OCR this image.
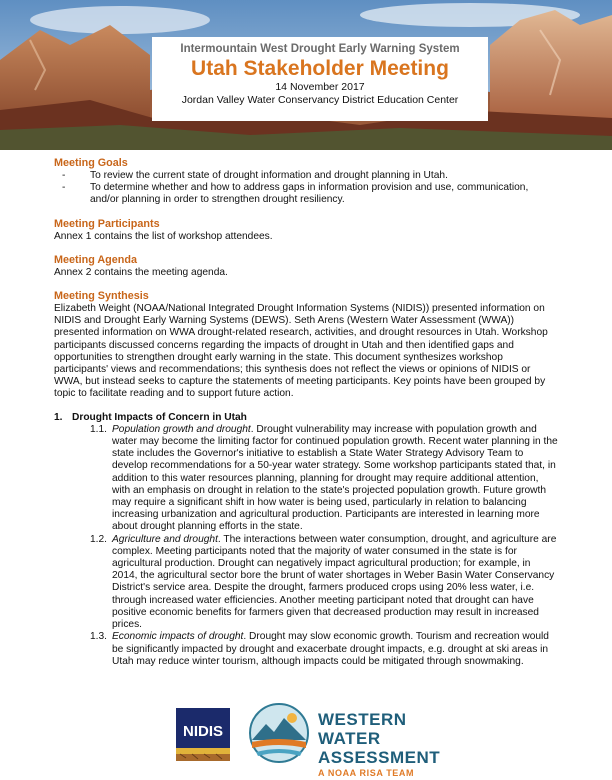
Intermountain West Drought Early Warning System
Utah Stakeholder Meeting
14 November 2017
Jordan Valley Water Conservancy District Education Center

Meeting Goals

- To review the current state of drought information and drought planning in Utah.
- To determine whether and how to address gaps in information provision and use, communication, and/or planning in order to strengthen drought resiliency.

Meeting Participants

Annex 1 contains the list of workshop attendees.

Meeting Agenda

Annex 2 contains the meeting agenda.

Meeting Synthesis

Elizabeth Weight (NOAA/National Integrated Drought Information Systems (NIDIS)) presented information on NIDIS and Drought Early Warning Systems (DEWS). Seth Arens (Western Water Assessment (WWA)) presented information on WWA drought-related research, activities, and drought resources in Utah. Workshop participants discussed concerns regarding the impacts of drought in Utah and then identified gaps and opportunities to strengthen drought early warning in the state. This document synthesizes workshop participants' views and recommendations; this synthesis does not reflect the views or opinions of NIDIS or WWA, but instead seeks to capture the statements of meeting participants. Key points have been grouped by topic to facilitate reading and to support future action.

1. Drought Impacts of Concern in Utah
1.1. Population growth and drought. Drought vulnerability may increase with population growth and water may become the limiting factor for continued population growth. Recent water planning in the state includes the Governor's initiative to establish a State Water Strategy Advisory Team to develop recommendations for a 50-year water strategy. Some workshop participants stated that, in addition to this water resources planning, planning for drought may require additional attention, with an emphasis on drought in relation to the state's projected population growth. Future growth may require a significant shift in how water is being used, particularly in relation to balancing increasing urbanization and agricultural production. Participants are interested in learning more about drought planning efforts in the state.
1.2. Agriculture and drought. The interactions between water consumption, drought, and agriculture are complex. Meeting participants noted that the majority of water consumed in the state is for agricultural production. Drought can negatively impact agricultural production; for example, in 2014, the agricultural sector bore the brunt of water shortages in Weber Basin Water Conservancy District's service area. Despite the drought, farmers produced crops using 20% less water, i.e. through increased water efficiencies. Another meeting participant noted that drought can have positive economic benefits for farmers given that decreased production may result in increased prices.
1.3. Economic impacts of drought. Drought may slow economic growth. Tourism and recreation would be significantly impacted by drought and exacerbate drought impacts, e.g. drought at ski areas in Utah may reduce winter tourism, although impacts could be mitigated through snowmaking.
NIDIS
WESTERN WATER
ASSESSMENT
A NOAA RISA TEAM
